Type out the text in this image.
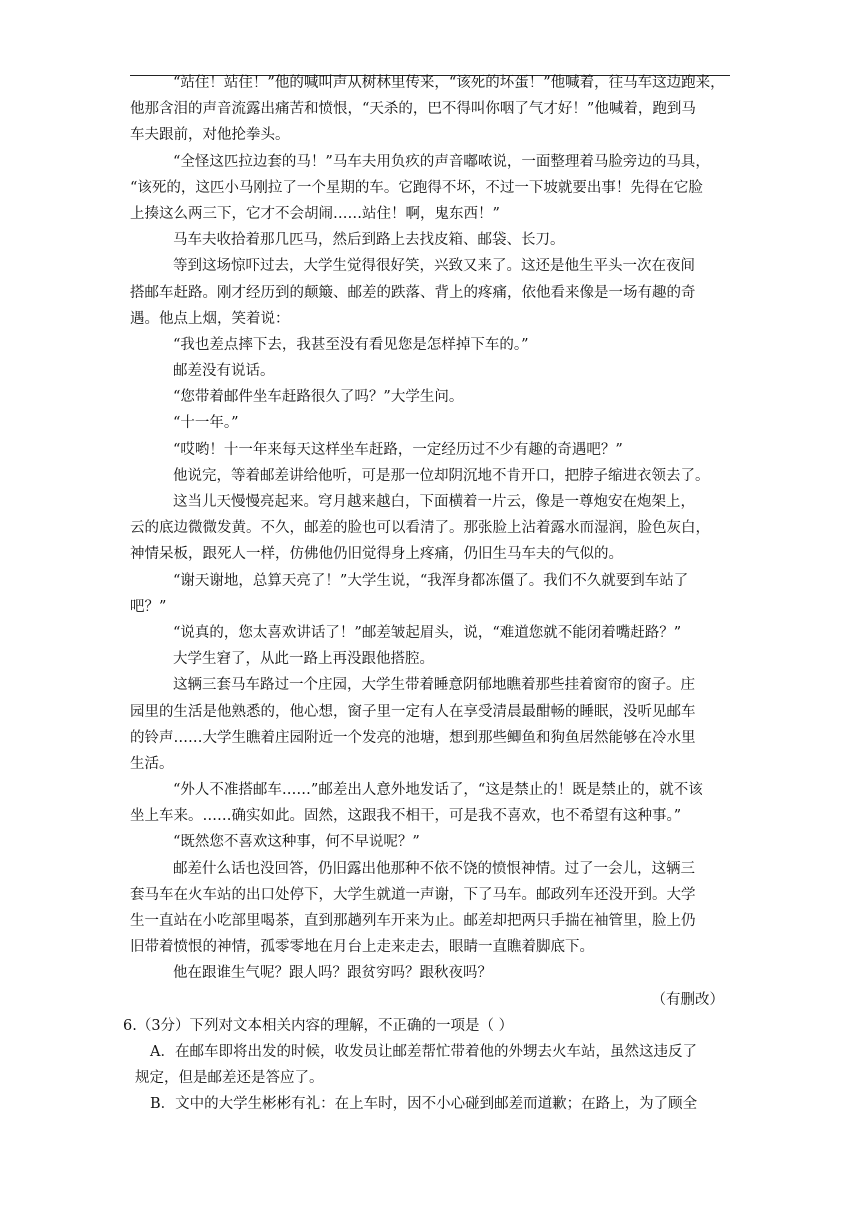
“站住！站住！”他的喊叫声从树林里传来，“该死的坏蛋！”他喊着，往马车这边跑来，
他那含泪的声音流露出痛苦和愤恨，“天杀的，巴不得叫你咽了气才好！”他喊着，跑到马
车夫跟前，对他抡拳头。
“全怪这匹拉边套的马！”马车夫用负疚的声音嘟哝说，一面整理着马脸旁边的马具，
“该死的，这匹小马刚拉了一个星期的车。它跑得不坏，不过一下坡就要出事！先得在它脸
上揍这么两三下，它才不会胡闹……站住！啊，鬼东西！”
马车夫收拾着那几匹马，然后到路上去找皮箱、邮袋、长刀。
等到这场惊吓过去，大学生觉得很好笑，兴致又来了。这还是他生平头一次在夜间
搭邮车赶路。刚才经历到的颠簸、邮差的跌落、背上的疼痛，依他看来像是一场有趣的奇
遇。他点上烟，笑着说：
“我也差点摔下去，我甚至没有看见您是怎样掉下车的。”
邮差没有说话。
“您带着邮件坐车赶路很久了吗？”大学生问。
“十一年。”
“哎哟！十一年来每天这样坐车赶路，一定经历过不少有趣的奇遇吧？”
他说完，等着邮差讲给他听，可是那一位却阴沉地不肯开口，把脖子缩进衣领去了。
这当儿天慢慢亮起来。穹月越来越白，下面横着一片云，像是一尊炮安在炮架上，
云的底边微微发黄。不久，邮差的脸也可以看清了。那张脸上沾着露水而湿润，脸色灰白，
神情呆板，跟死人一样，仿佛他仍旧觉得身上疼痛，仍旧生马车夫的气似的。
“谢天谢地，总算天亮了！”大学生说，“我浑身都冻僵了。我们不久就要到车站了
吧？”
“说真的，您太喜欢讲话了！”邮差皱起眉头，说，“难道您就不能闭着嘴赶路？”
大学生窘了，从此一路上再没跟他搭腔。
这辆三套马车路过一个庄园，大学生带着睡意阴郁地瞧着那些挂着窗帘的窗子。庄
园里的生活是他熟悉的，他心想，窗子里一定有人在享受清晨最酣畅的睡眠，没听见邮车
的铃声……大学生瞧着庄园附近一个发亮的池塘，想到那些鲫鱼和狗鱼居然能够在冷水里
生活。
“外人不准搭邮车……”邮差出人意外地发话了，“这是禁止的！既是禁止的，就不该
坐上车来。……确实如此。固然，这跟我不相干，可是我不喜欢，也不希望有这种事。”
“既然您不喜欢这种事，何不早说呢？”
邮差什么话也没回答，仍旧露出他那种不依不饶的愤恨神情。过了一会儿，这辆三
套马车在火车站的出口处停下，大学生就道一声谢，下了马车。邮政列车还没开到。大学
生一直站在小吃部里喝茶，直到那趟列车开来为止。邮差却把两只手揣在袖管里，脸上仍
旧带着愤恨的神情，孤零零地在月台上走来走去，眼睛一直瞧着脚底下。
他在跟谁生气呢？跟人吗？跟贫穷吗？跟秋夜吗？
（有删改）
6.（3分）下列对文本相关内容的理解，不正确的一项是（ ）
A．在邮车即将出发的时候，收发员让邮差帮忙带着他的外甥去火车站，虽然这违反了
规定，但是邮差还是答应了。
B．文中的大学生彬彬有礼：在上车时，因不小心碰到邮差而道歉；在路上，为了顾全
